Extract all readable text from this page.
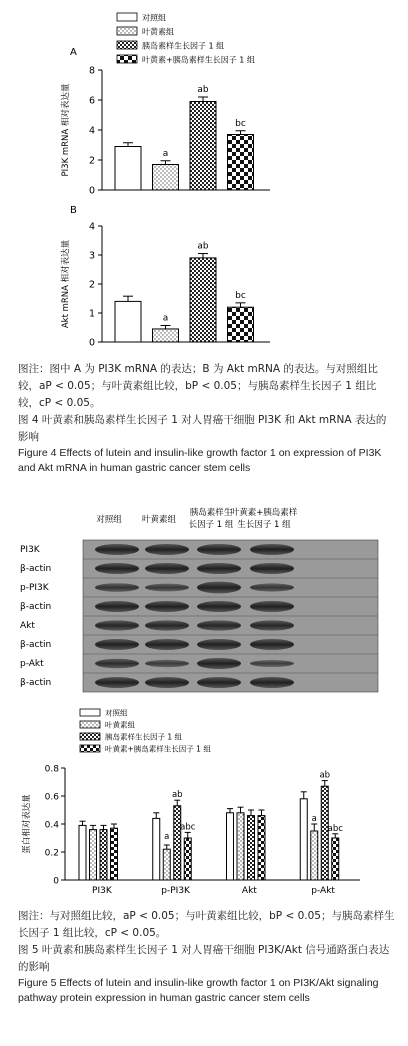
对照组
叶黄素组
胰岛素样生长因子 1 组
叶黄素+胰岛素样生长因子 1 组
A
0
2
4
6
8
PI3K mRNA 相对表达量	a
ab
bc
B
0
1
2
3
4
Akt mRNA 相对表达量	a
ab
bc

图注：图中 A 为 PI3K mRNA 的表达；B 为 Akt mRNA 的表达。与对照组比较，aP < 0.05；与叶黄素组比较，bP < 0.05；与胰岛素样生长因子 1 组比较，cP < 0.05。

图 4 叶黄素和胰岛素样生长因子 1 对人胃癌干细胞 PI3K 和 Akt mRNA 表达的影响

Figure 4 Effects of lutein and insulin-like growth factor 1 on expression of PI3K and Akt mRNA in human gastric cancer stem cells

对照组 叶黄素组
胰岛素样生
长因子 1 组
叶黄素+胰岛素样
生长因子 1 组
PI3K
β-actin
p-PI3K
β-actin
Akt
β-actin
p-Akt
β-actin
对照组
叶黄素组
胰岛素样生长因子 1 组
叶黄素+胰岛素样生长因子 1 组
0
0.2
0.4
0.6
0.8
蛋白相对表达量
PI3K
a
ab
abc
p-PI3K	Akt
a
ab
abc
p-Akt

图注：与对照组比较，aP < 0.05；与叶黄素组比较，bP < 0.05；与胰岛素样生长因子 1 组比较，cP < 0.05。

图 5 叶黄素和胰岛素样生长因子 1 对人胃癌干细胞 PI3K/Akt 信号通路蛋白表达的影响

Figure 5 Effects of lutein and insulin-like growth factor 1 on PI3K/Akt signaling pathway protein expression in human gastric cancer stem cells
